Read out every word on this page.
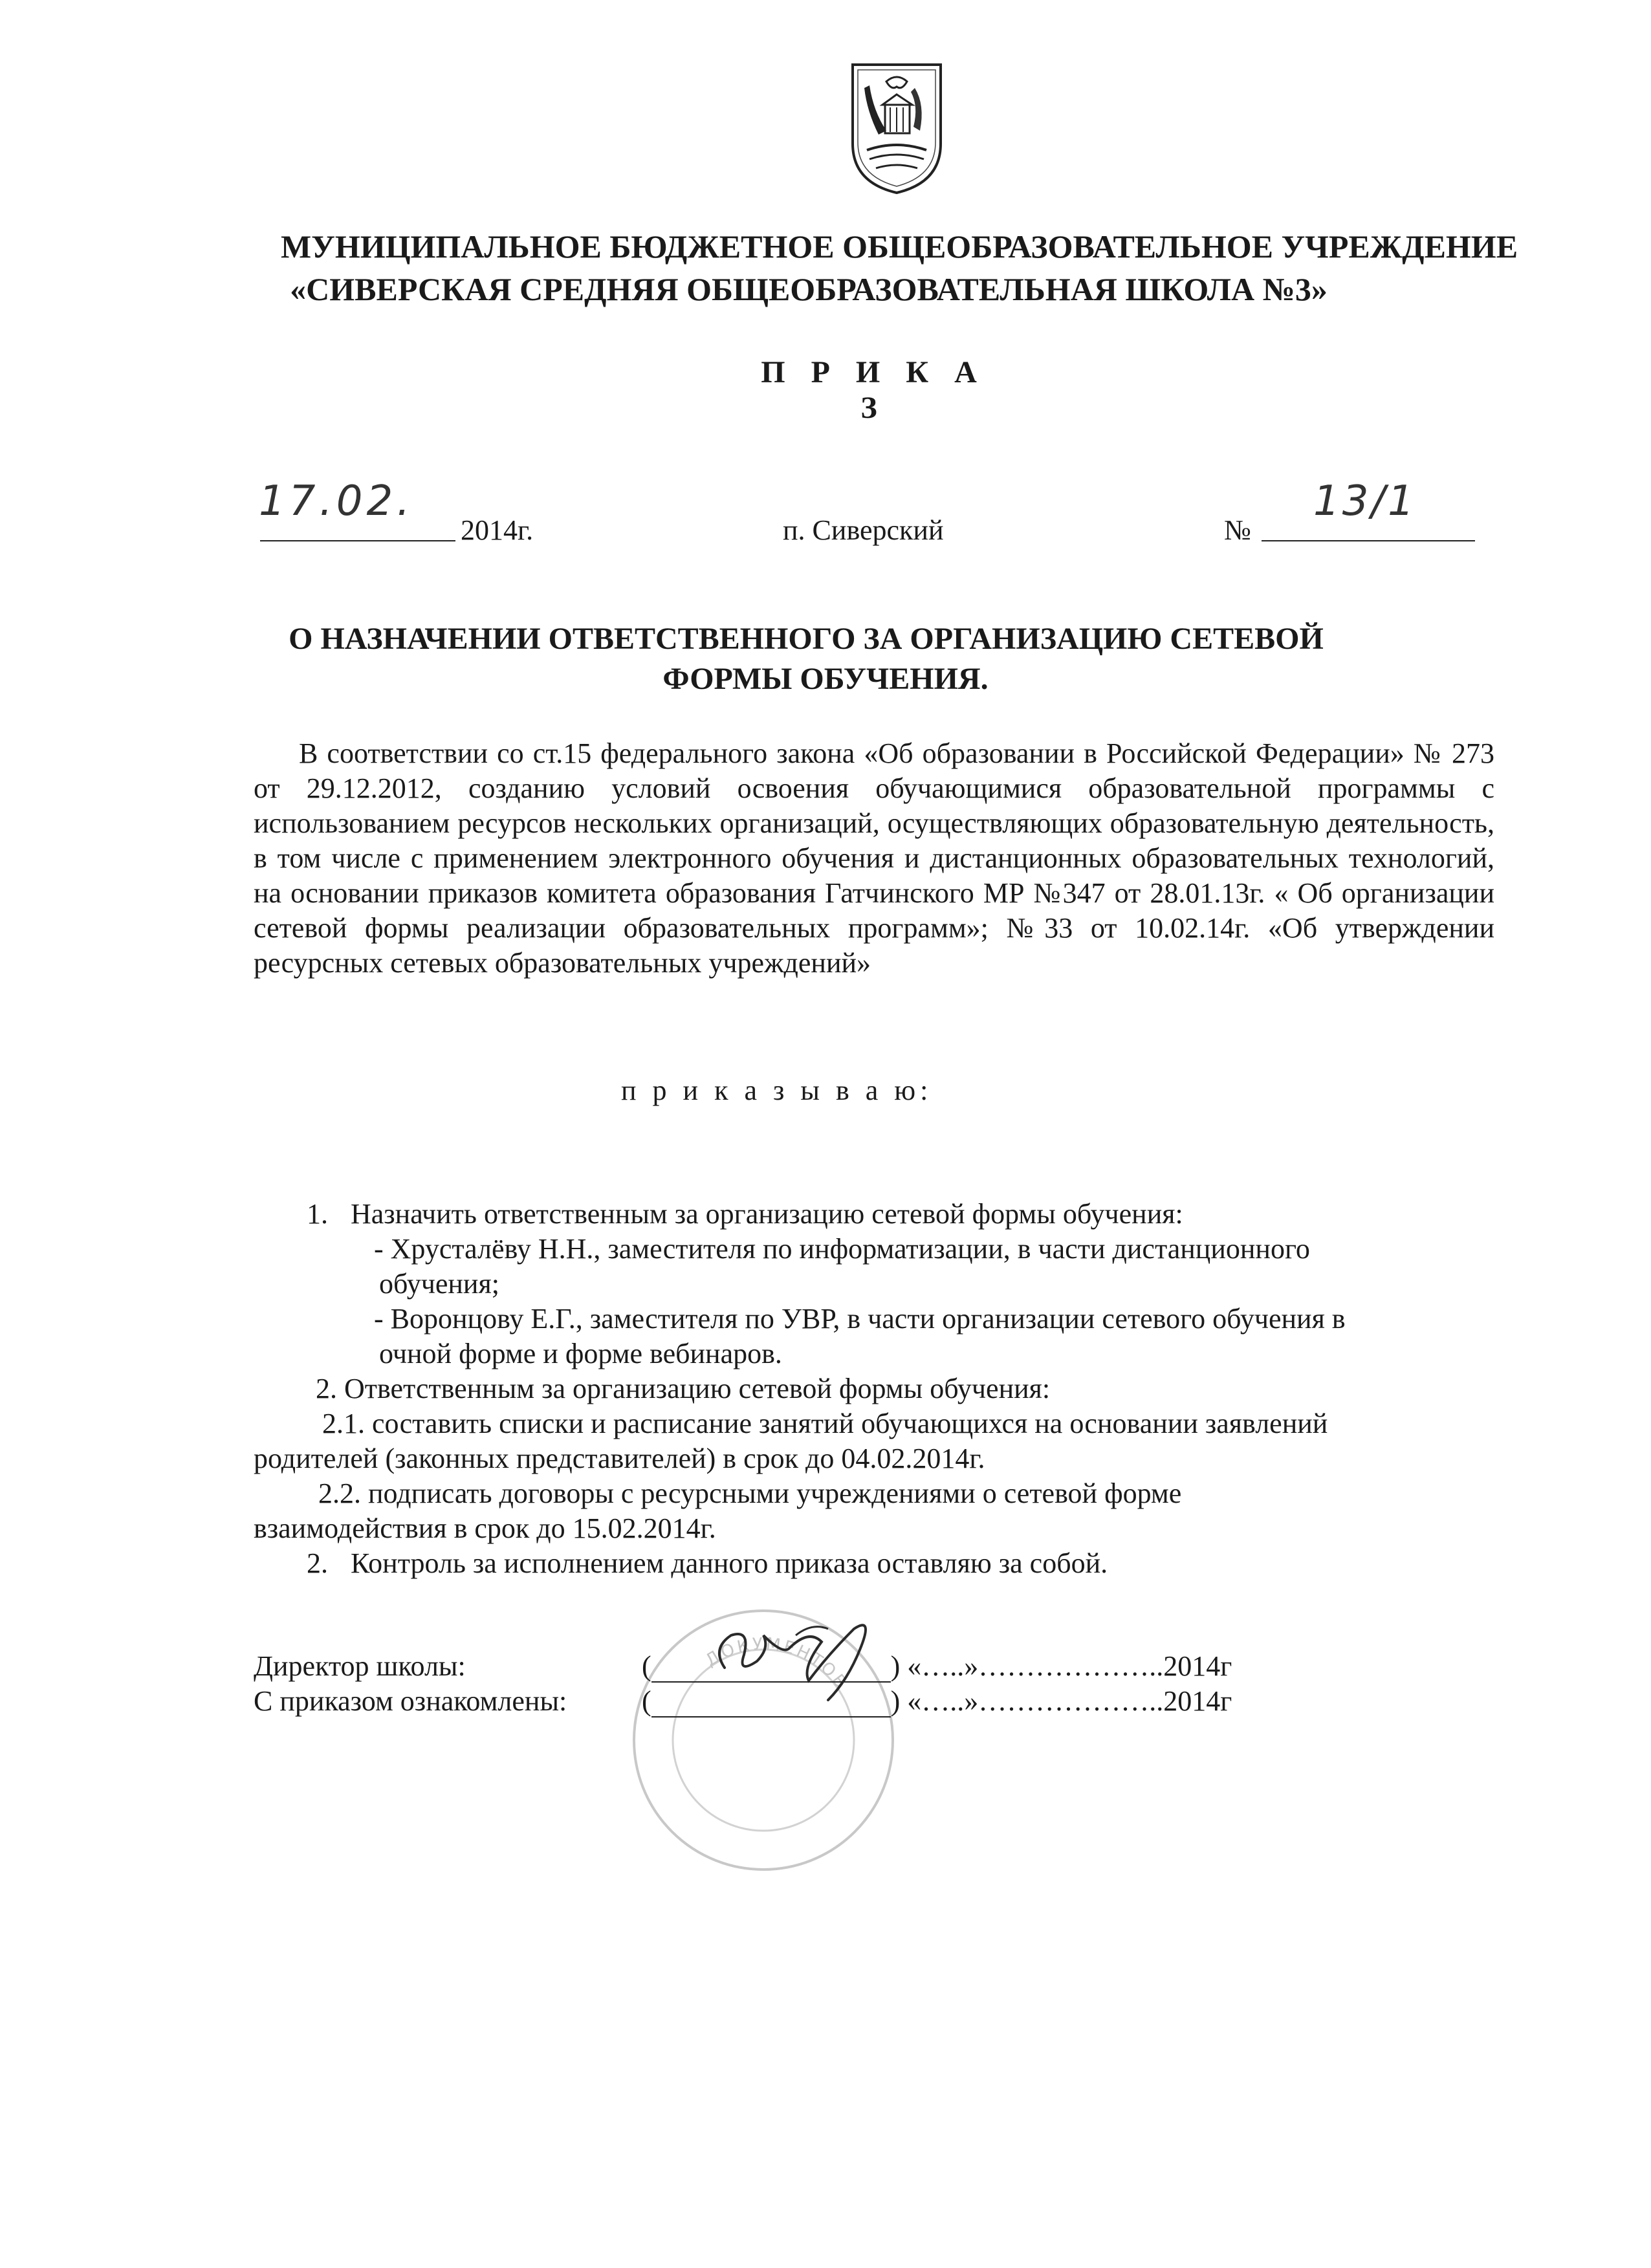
МУНИЦИПАЛЬНОЕ БЮДЖЕТНОЕ ОБЩЕОБРАЗОВАТЕЛЬНОЕ УЧРЕЖДЕНИЕ
«СИВЕРСКАЯ СРЕДНЯЯ ОБЩЕОБРАЗОВАТЕЛЬНАЯ ШКОЛА №3»
П Р И К А З
17.02.
2014г.	п. Сиверский	№
13/1
О НАЗНАЧЕНИИ ОТВЕТСТВЕННОГО ЗА ОРГАНИЗАЦИЮ СЕТЕВОЙ
ФОРМЫ ОБУЧЕНИЯ.

В соответствии со ст.15 федерального закона «Об образовании в Российской Федерации» № 273 от 29.12.2012, созданию условий освоения обучающимися образовательной программы с использованием ресурсов нескольких организаций, осуществляющих образовательную деятельность, в том числе с применением электронного обучения и дистанционных образовательных технологий, на основании приказов комитета образования Гатчинского МР №347 от 28.01.13г. « Об организации сетевой формы реализации образовательных программ»; №33 от 10.02.14г. «Об утверждении ресурсных сетевых образовательных учреждений»

п р и к а з ы в а ю:
1. Назначить ответственным за организацию сетевой формы обучения:
- Хрусталёву Н.Н., заместителя по информатизации, в части дистанционного
обучения;
- Воронцову Е.Г., заместителя по УВР, в части организации сетевого обучения в
очной форме и форме вебинаров.
2. Ответственным за организацию сетевой формы обучения:
2.1. составить списки и расписание занятий обучающихся на основании заявлений
родителей (законных представителей) в срок до 04.02.2014г.
2.2. подписать договоры с ресурсными учреждениями о сетевой форме
взаимодействия в срок до 15.02.2014г.
2. Контроль за исполнением данного приказа оставляю за собой.
ДОКУМЕНТОВ
Директор школы:	(	) «…..»………………..2014г
С приказом ознакомлены:	(	) «…..»………………..2014г
